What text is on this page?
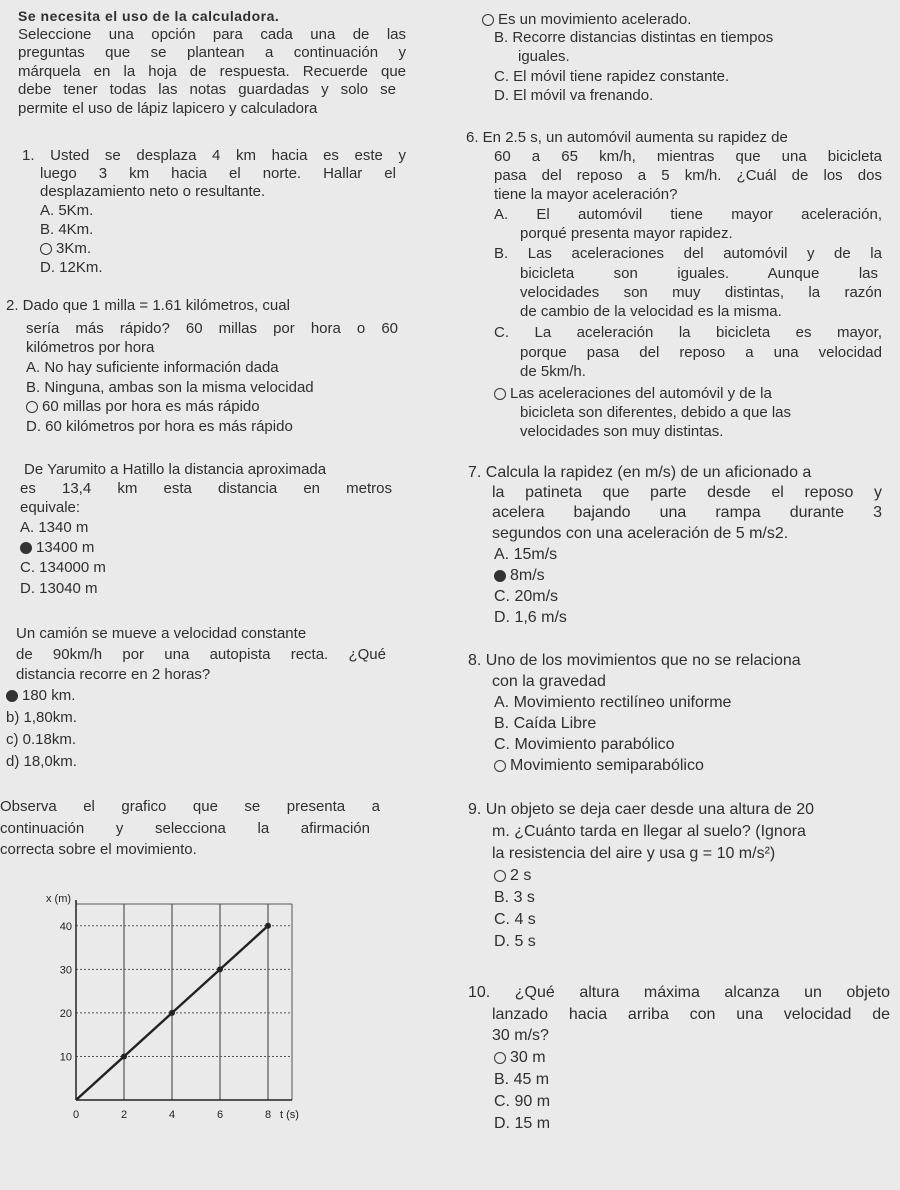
Se necesita el uso de la calculadora.
Seleccione una opción para cada una de las
preguntas que se plantean a continuación y
márquela en la hoja de respuesta. Recuerde que
debe tener todas las notas guardadas y solo se
permite el uso de lápiz lapicero y calculadora
1. Usted se desplaza 4 km hacia es este y
luego 3 km hacia el norte. Hallar el
desplazamiento neto o resultante.
A. 5Km.
B. 4Km.
3Km.
D. 12Km.
2. Dado que 1 milla = 1.61 kilómetros, cual
sería más rápido? 60 millas por hora o 60
kilómetros por hora
A. No hay suficiente información dada
B. Ninguna, ambas son la misma velocidad
60 millas por hora es más rápido
D. 60 kilómetros por hora es más rápido
De Yarumito a Hatillo la distancia aproximada
es 13,4 km esta distancia en metros
equivale:
A. 1340 m
13400 m
C. 134000 m
D. 13040 m
Un camión se mueve a velocidad constante
de 90km/h por una autopista recta. ¿Qué
distancia recorre en 2 horas?
180 km.
b) 1,80km.
c) 0.18km.
d) 18,0km.
Observa el grafico que se presenta a
continuación y selecciona la afirmación
correcta sobre el movimiento.
0	2	4	6	8
10
20
30
40
t (s)
x (m)
Es un movimiento acelerado.
B. Recorre distancias distintas en tiempos
iguales.
C. El móvil tiene rapidez constante.
D. El móvil va frenando.
6. En 2.5 s, un automóvil aumenta su rapidez de
60 a 65 km/h, mientras que una bicicleta
pasa del reposo a 5 km/h. ¿Cuál de los dos
tiene la mayor aceleración?
A. El automóvil tiene mayor aceleración,
porqué presenta mayor rapidez.
B. Las aceleraciones del automóvil y de la
bicicleta son iguales. Aunque las
velocidades son muy distintas, la razón
de cambio de la velocidad es la misma.
C. La aceleración la bicicleta es mayor,
porque pasa del reposo a una velocidad
de 5km/h.
Las aceleraciones del automóvil y de la
bicicleta son diferentes, debido a que las
velocidades son muy distintas.
7. Calcula la rapidez (en m/s) de un aficionado a
la patineta que parte desde el reposo y
acelera bajando una rampa durante 3
segundos con una aceleración de 5 m/s2.
A. 15m/s
8m/s
C. 20m/s
D. 1,6 m/s
8. Uno de los movimientos que no se relaciona
con la gravedad
A. Movimiento rectilíneo uniforme
B. Caída Libre
C. Movimiento parabólico
Movimiento semiparabólico
9. Un objeto se deja caer desde una altura de 20
m. ¿Cuánto tarda en llegar al suelo? (Ignora
la resistencia del aire y usa g = 10 m/s²)
2 s
B. 3 s
C. 4 s
D. 5 s
10. ¿Qué altura máxima alcanza un objeto
lanzado hacia arriba con una velocidad de
30 m/s?
30 m
B. 45 m
C. 90 m
D. 15 m
